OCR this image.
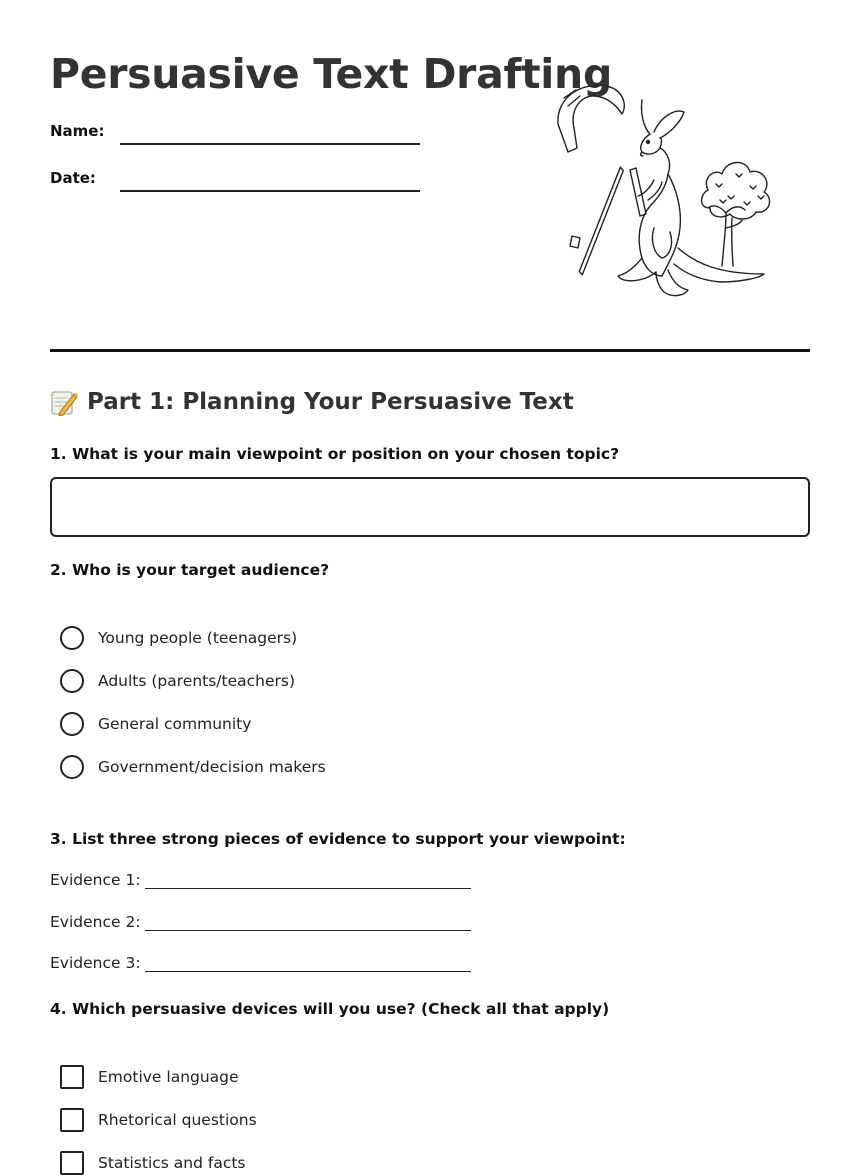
Persuasive Text Drafting
Name:
Date:
Part 1: Planning Your Persuasive Text
1. What is your main viewpoint or position on your chosen topic?
2. Who is your target audience?
Young people (teenagers)
Adults (parents/teachers)
General community
Government/decision makers
3. List three strong pieces of evidence to support your viewpoint:
Evidence 1:
Evidence 2:
Evidence 3:
4. Which persuasive devices will you use? (Check all that apply)
Emotive language
Rhetorical questions
Statistics and facts
